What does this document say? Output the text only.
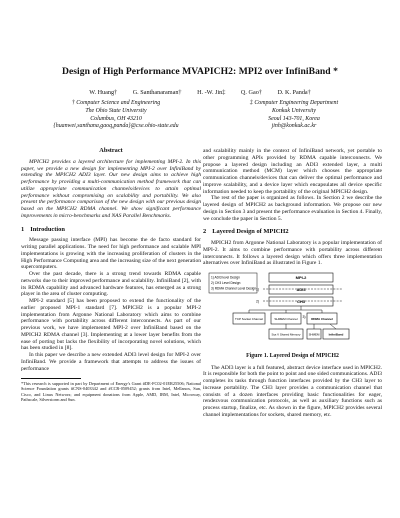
Design of High Performance MVAPICH2: MPI2 over InfiniBand *
W. Huang†	G. Santhanaraman†	H. -W. Jin‡	Q. Gao†	D. K. Panda†
† Computer Science and Engineering
The Ohio State University
Columbus, OH 43210
{huanwei,santhana,gaoq,panda}@cse.ohio-state.edu
‡ Computer Engineering Department
Konkuk University
Seoul 143-701, Korea
jinh@konkuk.ac.kr
Abstract

MPICH2 provides a layered architecture for implementing MPI-2. In this paper, we provide a new design for implementing MPI-2 over InfiniBand by extending the MPICH2 ADI3 layer. Our new design aims to achieve high performance by providing a multi-communication method framework that can utilize appropriate communication channels/devices to attain optimal performance without compromising on scalability and portability. We also present the performance comparison of the new design with our previous design based on the MPICH2 RDMA channel. We show significant performance improvements in micro-benchmarks and NAS Parallel Benchmarks.

1 Introduction

Message passing interface (MPI) has become the de facto standard for writing parallel applications. The need for high performance and scalable MPI implementations is growing with the increasing proliferation of clusters in the High Performance Computing area and the increasing size of the next generation supercomputers.

Over the past decade, there is a strong trend towards RDMA capable networks due to their improved performance and scalability. InfiniBand [2], with its RDMA capability and advanced hardware features, has emerged as a strong player in the area of cluster computing.

MPI-2 standard [5] has been proposed to extend the functionality of the earlier proposed MPI-1 standard [7]. MPICH2 is a popular MPI-2 implementation from Argonne National Laboratory which aims to combine performance with portability across different interconnects. As part of our previous work, we have implemented MPI-2 over InfiniBand based on the MPICH2 RDMA channel [3]. Implementing at a lower layer benefits from the ease of porting but lacks the flexibility of incorporating novel solutions, which has been studied in [8].

In this paper we describe a new extended ADI3 level design for MPI-2 over InfiniBand. We provide a framework that attempts to address the issues of performance

*This research is supported in part by Department of Energy's Grant #DE-FC02-01ER25506; National Science Foundation grants #CNS-0403342 and #CCR-0509452; grants from Intel, Mellanox, Sun, Cisco, and Linux Networx; and equipment donations from Apple, AMD, IBM, Intel, Microway, Pathscale, Silverstorm and Sun.

and scalability mainly in the context of InfiniBand network, yet portable to other programming APIs provided by RDMA capable interconnects. We propose a layered design including an ADI3 extended layer, a multi communication method (MCM) layer which chooses the appropriate communication channels/devices that can deliver the optimal performance and improve scalability, and a device layer which encapsulates all device specific information needed to keep the portability of the original MPICH2 design.

The rest of the paper is organized as follows. In Section 2 we describe the layered design of MPICH2 as background information. We propose our new design in Section 3 and present the performance evaluation in Section 4. Finally, we conclude the paper in Section 5.

2 Layered Design of MPICH2

MPICH2 from Argonne National Laboratory is a popular implementation of MPI-2. It aims to combine performance with portability across different interconnects. It follows a layered design which offers three implementation alternatives over InfiniBand as illustrated in Figure 1.

1) ADI3 level Design
2) CH3 Level Design
3) RDMA Channel Level Design
MPI-2
ADI3
CH3
1)
2)
TCP Socket Channel	SHMEM Channel	RDMA Channel
3)
Sys V Shared Memory	SHMEM	InfiniBand
Figure 1. Layered Design of MPICH2

The ADI3 layer is a full featured, abstract device interface used in MPICH2. It is responsible for both the point to point and one sided communications. ADI3 completes its tasks through function interfaces provided by the CH3 layer to increase portability. The CH3 layer provides a communication channel that consists of a dozen interfaces providing basic functionalities for eager, rendezvous communication protocols, as well as auxiliary functions such as process startup, finalize, etc. As shown in the figure, MPICH2 provides several channel implementations for sockets, shared memory, etc.
